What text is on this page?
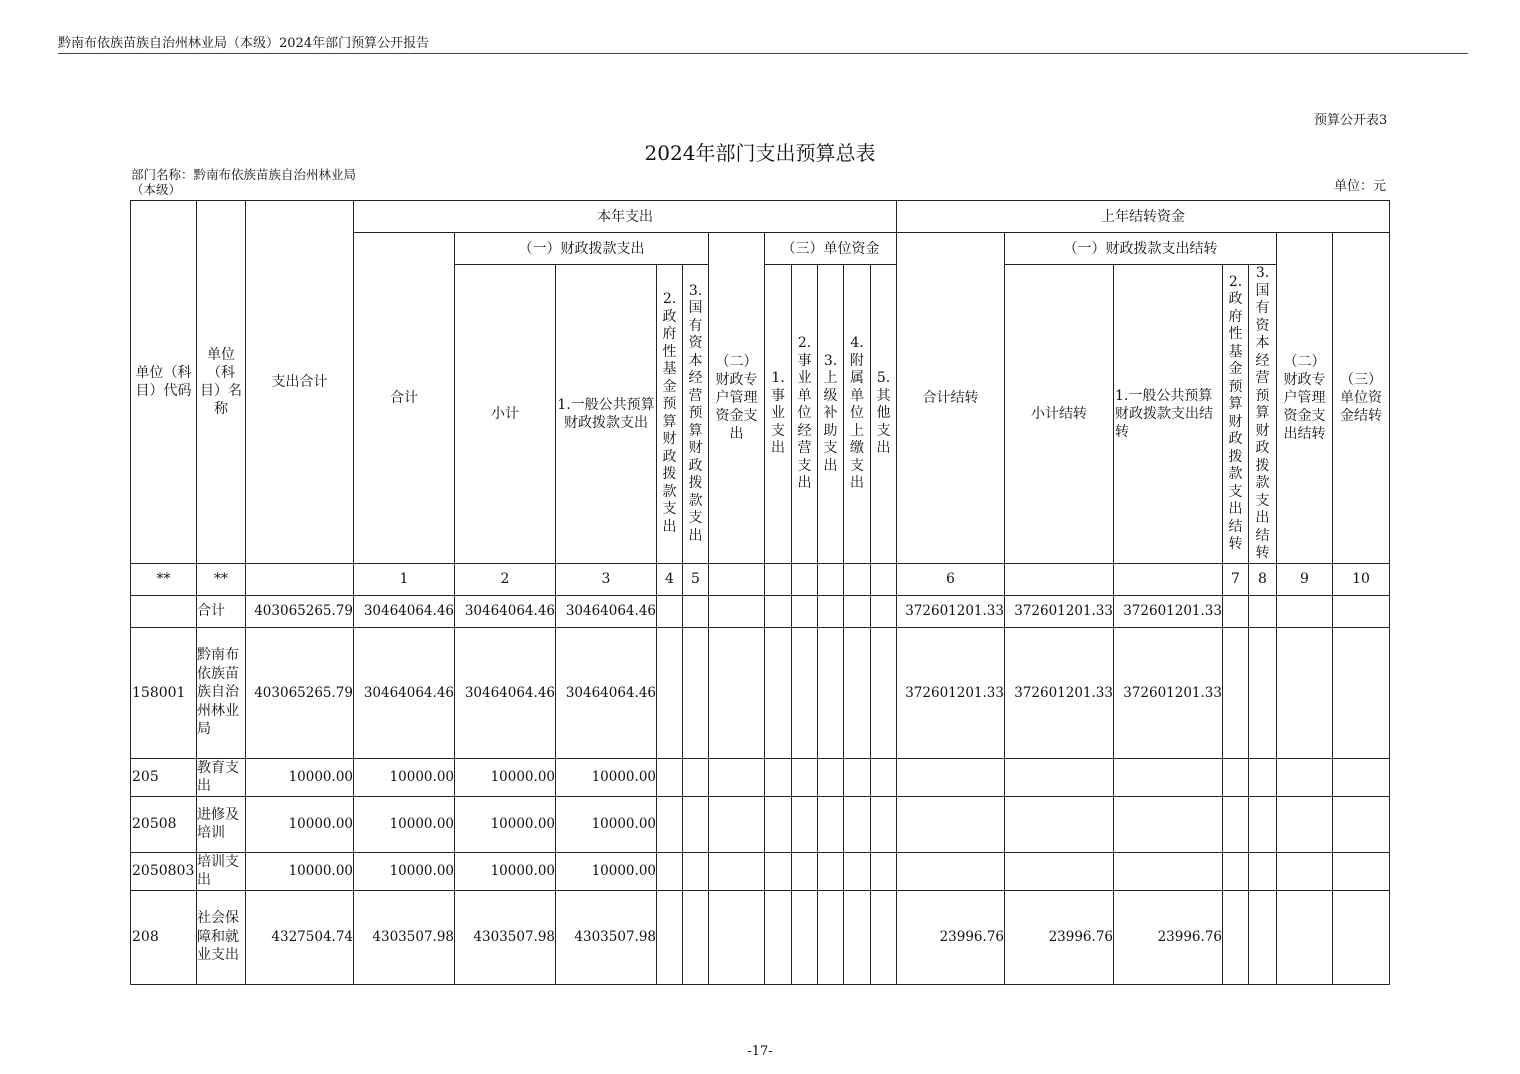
黔南布依族苗族自治州林业局（本级）2024年部门预算公开报告
预算公开表3
2024年部门支出预算总表
部门名称：黔南布依族苗族自治州林业局（本级）	单位：元
单位（科目）代码	单位（科目）名称	支出合计	本年支出											上年结转资金						
			合计	（一）财政拨款支出				（二）财政专户管理资金支出	（三）单位资金					合计结转	（一）财政拨款支出结转				（二）财政专户管理资金支出结转	（三）单位资金结转
				小计	1.一般公共预算财政拨款支出	2.政府性基金预算财政拨款支出	3.国有资本经营预算财政拨款支出		1.事业支出	2.事业单位经营支出	3.上级补助支出	4.附属单位上缴支出	5.其他支出		小计结转	1.一般公共预算财政拨款支出结转	2.政府性基金预算财政拨款支出结转	3.国有资本经营预算财政拨款支出结转		
**	**		1	2	3	4	5							6			7	8	9	10
	合计	403065265.79	30464064.46	30464064.46	30464064.46									372601201.33	372601201.33	372601201.33				
158001	黔南布依族苗族自治州林业局	403065265.79	30464064.46	30464064.46	30464064.46									372601201.33	372601201.33	372601201.33				
205	教育支出	10000.00	10000.00	10000.00	10000.00															
20508	进修及培训	10000.00	10000.00	10000.00	10000.00															
2050803	培训支出	10000.00	10000.00	10000.00	10000.00															
208	社会保障和就业支出	4327504.74	4303507.98	4303507.98	4303507.98									23996.76	23996.76	23996.76				
-17-
